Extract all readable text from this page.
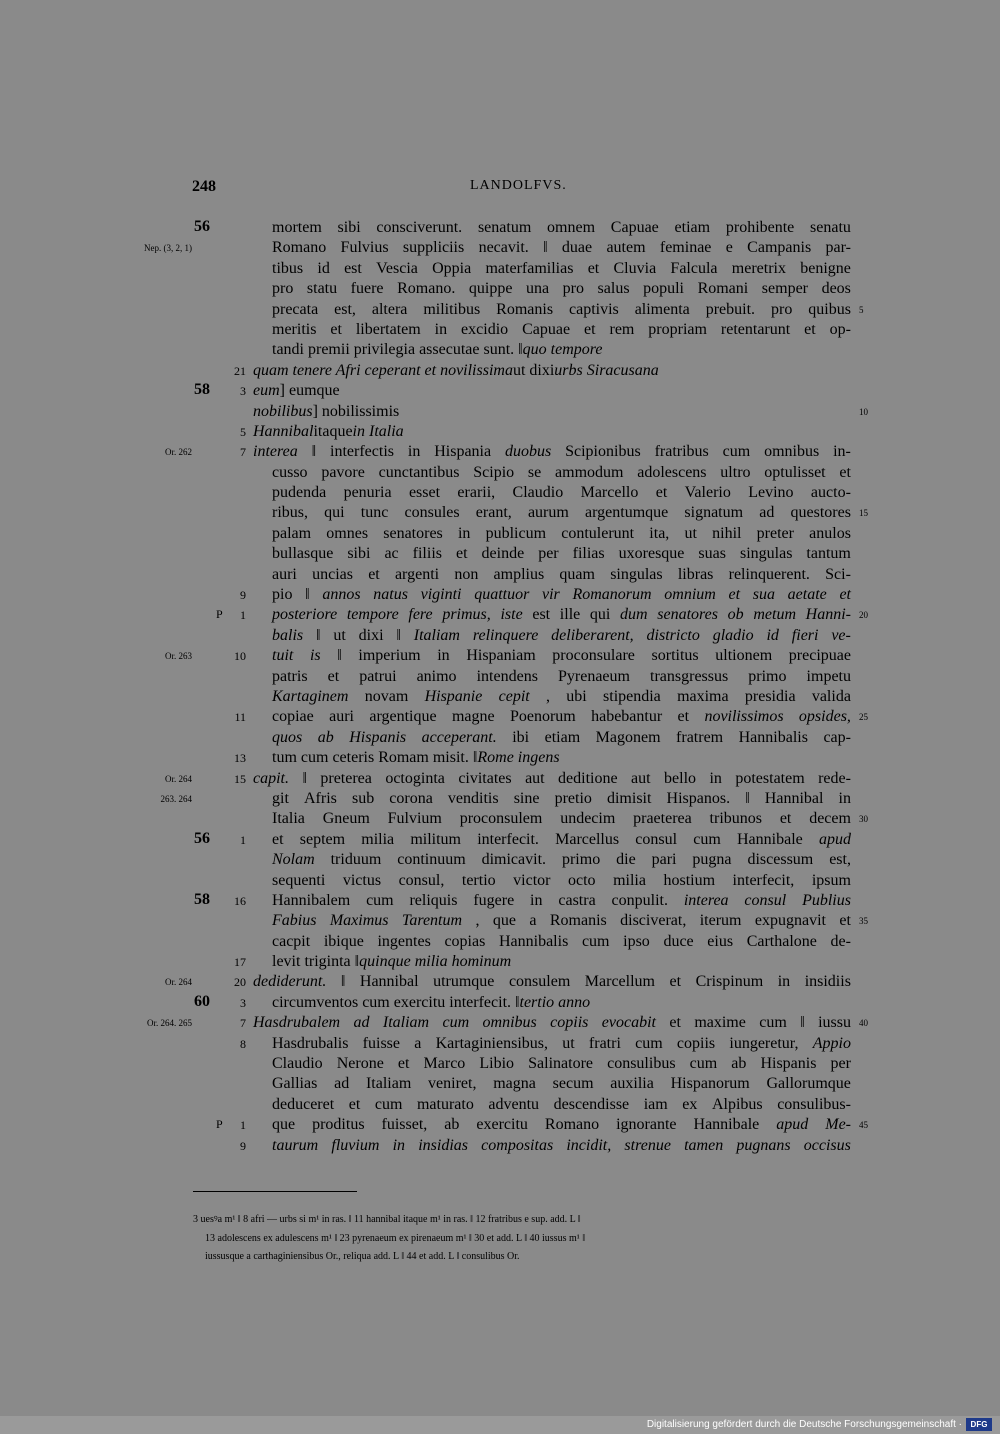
248	LANDOLFVS.
56	mortem sibi consciverunt. senatum omnem Capuae etiam prohibente senatu
Nep. (3, 2, 1)	Romano Fulvius suppliciis necavit. ‖ duae autem feminae e Campanis par-
tibus id est Vescia Oppia materfamilias et Cluvia Falcula meretrix benigne
pro statu fuere Romano. quippe una pro salus populi Romani semper deos
5
precata est, altera militibus Romanis captivis alimenta prebuit. pro quibus
meritis et libertatem in excidio Capuae et rem propriam retentarunt et op-
tandi premii privilegia assecutae sunt. ‖ quo tempore
21 quam tenere Afri ceperant et novilissima ut dixi urbs Siracusana
58	3 eum ] eumque
10
nobilibus ] nobilissimis
5 Hannibal itaque in Italia
Or. 262	7 interea ‖ interfectis in Hispania duobus Scipionibus fratribus cum omnibus in-
cusso pavore cunctantibus Scipio se ammodum adolescens ultro optulisset et
pudenda penuria esset erarii, Claudio Marcello et Valerio Levino aucto-
15
ribus, qui tunc consules erant, aurum argentumque signatum ad questores
palam omnes senatores in publicum contulerunt ita, ut nihil preter anulos
bullasque sibi ac filiis et deinde per filias uxoresque suas singulas tantum
auri uncias et argenti non amplius quam singulas libras relinquerent. Sci-
9 pio ‖ annos natus viginti quattuor vir Romanorum omnium et sua aetate et
P 1	20
posteriore tempore fere primus, iste est ille qui dum senatores ob metum Hanni-
balis ‖ ut dixi ‖ Italiam relinquere deliberarent, districto gladio id fieri ve-
Or. 263	10 tuit is ‖ imperium in Hispaniam proconsulare sortitus ultionem precipuae
patris et patrui animo intendens Pyrenaeum transgressus primo impetu
Kartaginem novam Hispanie cepit , ubi stipendia maxima presidia valida
11	25
copiae auri argentique magne Poenorum habebantur et novilissimos opsides,
quos ab Hispanis acceperant. ibi etiam Magonem fratrem Hannibalis cap-
13 tum cum ceteris Romam misit. ‖ Rome ingens
Or. 264	15 capit. ‖ preterea octoginta civitates aut deditione aut bello in potestatem rede-
263. 264	git Afris sub corona venditis sine pretio dimisit Hispanos. ‖ Hannibal in
30
Italia Gneum Fulvium proconsulem undecim praeterea tribunos et decem
56	1 et septem milia militum interfecit. Marcellus consul cum Hannibale apud
Nolam triduum continuum dimicavit. primo die pari pugna discessum est,
sequenti victus consul, tertio victor octo milia hostium interfecit, ipsum
58 16 Hannibalem cum reliquis fugere in castra conpulit. interea consul Publius
35
Fabius Maximus Tarentum , que a Romanis disciverat, iterum expugnavit et
cacpit ibique ingentes copias Hannibalis cum ipso duce eius Carthalone de-
17 levit triginta ‖ quinque milia hominum
Or. 264	20 dediderunt. ‖ Hannibal utrumque consulem Marcellum et Crispinum in insidiis
60	3 circumventos cum exercitu interfecit. ‖ tertio anno
Or. 264. 265	7	40
Hasdrubalem ad Italiam cum omnibus copiis evocabit et maxime cum ‖ iussu
8 Hasdrubalis fuisse a Kartaginiensibus, ut fratri cum copiis iungeretur, Appio
Claudio Nerone et Marco Libio Salinatore consulibus cum ab Hispanis per
Gallias ad Italiam veniret, magna secum auxilia Hispanorum Gallorumque
deduceret et cum maturato adventu descendisse iam ex Alpibus consulibus-
P 1	45
que proditus fuisset, ab exercitu Romano ignorante Hannibale apud Me-
9 taurum fluvium in insidias compositas incidit, strenue tamen pugnans occisus
3 uesꝰa m¹ ‖ 8 afri — urbs si m¹ in ras. ‖ 11 hannibal itaque m¹ in ras. ‖ 12 fratribus e sup. add. L ‖
13 adolescens ex adulescens m¹ ‖ 23 pyrenaeum ex pirenaeum m¹ ‖ 30 et add. L ‖ 40 iussus m¹ ‖
iussusque a carthaginiensibus Or., reliqua add. L ‖ 44 et add. L ‖ consulibus Or.
Digitalisierung gefördert durch die Deutsche Forschungsgemeinschaft ·	DFG
